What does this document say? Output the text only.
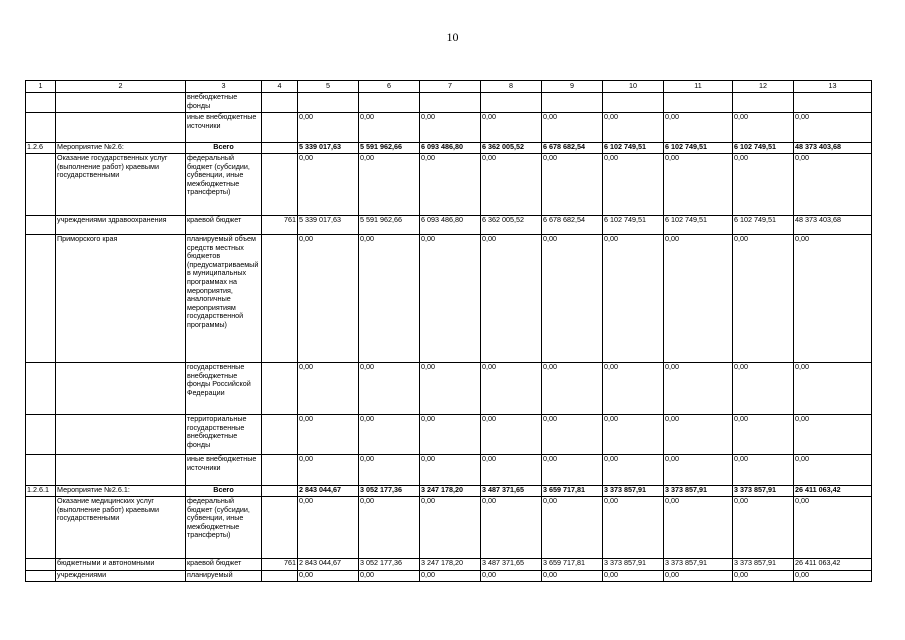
10
1	2	3	4	5	6	7	8	9	10	11	12	13
		внебюджетные фонды										
		иные внебюджетные источники		0,00	0,00	0,00	0,00	0,00	0,00	0,00	0,00	0,00
1.2.6	Мероприятие №2.6:	Всего		5 339 017,63	5 591 962,66	6 093 486,80	6 362 005,52	6 678 682,54	6 102 749,51	6 102 749,51	6 102 749,51	48 373 403,68
	Оказание государственных услуг (выполнение работ) краевыми государственными	федеральный бюджет (субсидии, субвенции, иные межбюджетные трансферты)		0,00	0,00	0,00	0,00	0,00	0,00	0,00	0,00	0,00
	учреждениями здравоохранения	краевой бюджет	761	5 339 017,63	5 591 962,66	6 093 486,80	6 362 005,52	6 678 682,54	6 102 749,51	6 102 749,51	6 102 749,51	48 373 403,68
	Приморского края	планируемый объем средств местных бюджетов (предусматриваемый в муниципальных программах на мероприятия, аналогичные мероприятиям государственной программы)		0,00	0,00	0,00	0,00	0,00	0,00	0,00	0,00	0,00
		государственные внебюджетные фонды Российской Федерации		0,00	0,00	0,00	0,00	0,00	0,00	0,00	0,00	0,00
		территориальные государственные внебюджетные фонды		0,00	0,00	0,00	0,00	0,00	0,00	0,00	0,00	0,00
		иные внебюджетные источники		0,00	0,00	0,00	0,00	0,00	0,00	0,00	0,00	0,00
1.2.6.1	Мероприятие №2.6.1:	Всего		2 843 044,67	3 052 177,36	3 247 178,20	3 487 371,65	3 659 717,81	3 373 857,91	3 373 857,91	3 373 857,91	26 411 063,42
	Оказание медицинских услуг (выполнение работ) краевыми государственными	федеральный бюджет (субсидии, субвенции, иные межбюджетные трансферты)		0,00	0,00	0,00	0,00	0,00	0,00	0,00	0,00	0,00
	бюджетными и автономными	краевой бюджет	761	2 843 044,67	3 052 177,36	3 247 178,20	3 487 371,65	3 659 717,81	3 373 857,91	3 373 857,91	3 373 857,91	26 411 063,42
	учреждениями	планируемый		0,00	0,00	0,00	0,00	0,00	0,00	0,00	0,00	0,00
